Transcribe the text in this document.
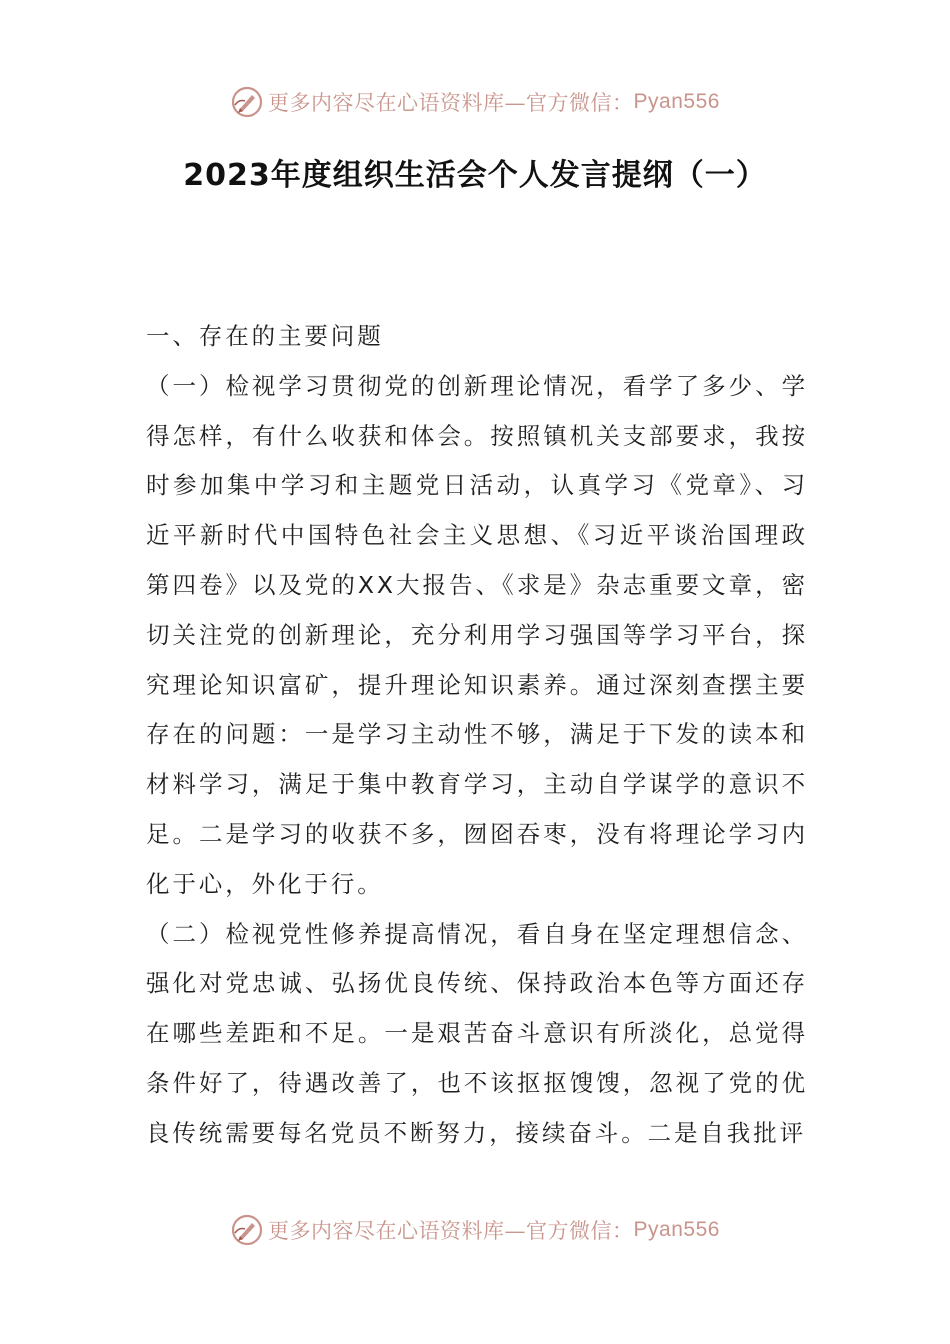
更多内容尽在心语资料库—官方微信： Pyan556
2023年度组织生活会个人发言提纲（一）

一、存在的主要问题

（一）检视学习贯彻党的创新理论情况，看学了多少、学得怎样，有什么收获和体会。按照镇机关支部要求，我按时参加集中学习和主题党日活动，认真学习《党章》、习近平新时代中国特色社会主义思想、《习近平谈治国理政第四卷》以及党的XX大报告、《求是》杂志重要文章，密切关注党的创新理论，充分利用学习强国等学习平台，探究理论知识富矿，提升理论知识素养。通过深刻查摆主要存在的问题：一是学习主动性不够，满足于下发的读本和材料学习，满足于集中教育学习，主动自学谋学的意识不足。二是学习的收获不多，囫囵吞枣，没有将理论学习内化于心，外化于行。

（二）检视党性修养提高情况，看自身在坚定理想信念、强化对党忠诚、弘扬优良传统、保持政治本色等方面还存在哪些差距和不足。一是艰苦奋斗意识有所淡化，总觉得条件好了，待遇改善了，也不该抠抠馊馊，忽视了党的优良传统需要每名党员不断努力，接续奋斗。二是自我批评

更多内容尽在心语资料库—官方微信： Pyan556
